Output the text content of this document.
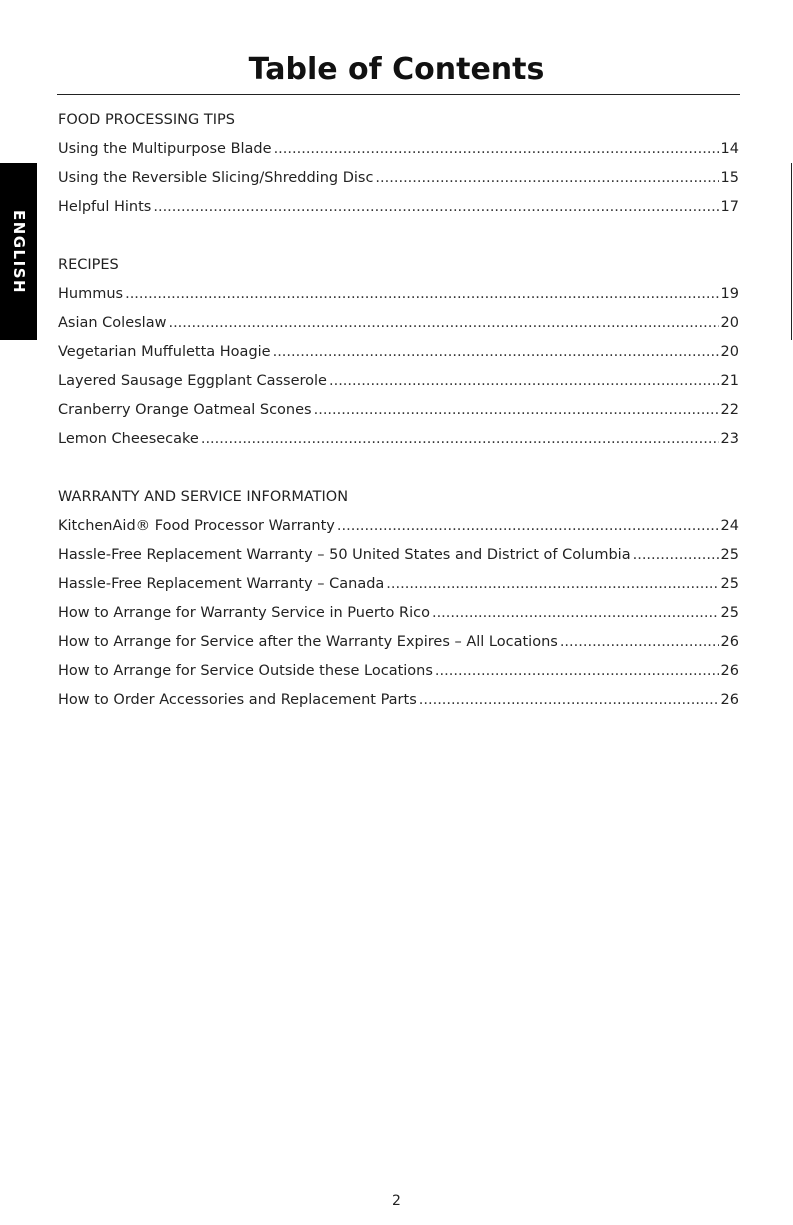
Table of Contents
ENGLISH
FOOD PROCESSING TIPS
Using the Multipurpose Blade .....	14
Using the Reversible Slicing/Shredding Disc .....	15
Helpful Hints .....	17
RECIPES
Hummus .....	19
Asian Coleslaw .....	20
Vegetarian Muffuletta Hoagie .....	20
Layered Sausage Eggplant Casserole .....	21
Cranberry Orange Oatmeal Scones .....	22
Lemon Cheesecake .....	23
WARRANTY AND SERVICE INFORMATION
KitchenAid® Food Processor Warranty .....	24
Hassle-Free Replacement Warranty – 50 United States and District of Columbia .....	25
Hassle-Free Replacement Warranty – Canada .....	25
How to Arrange for Warranty Service in Puerto Rico .....	25
How to Arrange for Service after the Warranty Expires – All Locations .....	26
How to Arrange for Service Outside these Locations .....	26
How to Order Accessories and Replacement Parts .....	26
2
